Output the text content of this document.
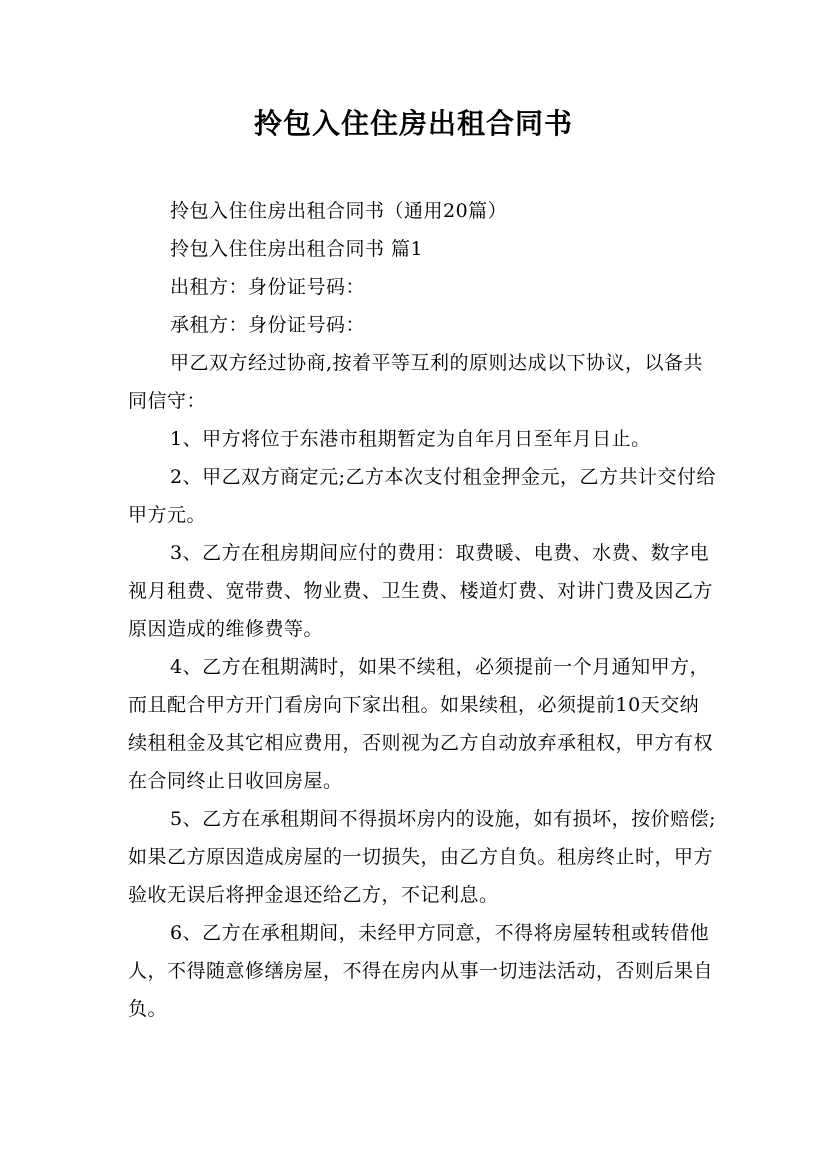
拎包入住住房出租合同书

拎包入住住房出租合同书（通用20篇）

拎包入住住房出租合同书 篇1

出租方：身份证号码：

承租方：身份证号码：

甲乙双方经过协商,按着平等互利的原则达成以下协议，以备共同信守：

1、甲方将位于东港市租期暂定为自年月日至年月日止。

2、甲乙双方商定元;乙方本次支付租金押金元，乙方共计交付给甲方元。

3、乙方在租房期间应付的费用：取费暖、电费、水费、数字电视月租费、宽带费、物业费、卫生费、楼道灯费、对讲门费及因乙方原因造成的维修费等。

4、乙方在租期满时，如果不续租，必须提前一个月通知甲方，而且配合甲方开门看房向下家出租。如果续租，必须提前10天交纳续租租金及其它相应费用，否则视为乙方自动放弃承租权，甲方有权在合同终止日收回房屋。

5、乙方在承租期间不得损坏房内的设施，如有损坏，按价赔偿;如果乙方原因造成房屋的一切损失，由乙方自负。租房终止时，甲方验收无误后将押金退还给乙方，不记利息。

6、乙方在承租期间，未经甲方同意，不得将房屋转租或转借他人，不得随意修缮房屋，不得在房内从事一切违法活动，否则后果自负。
